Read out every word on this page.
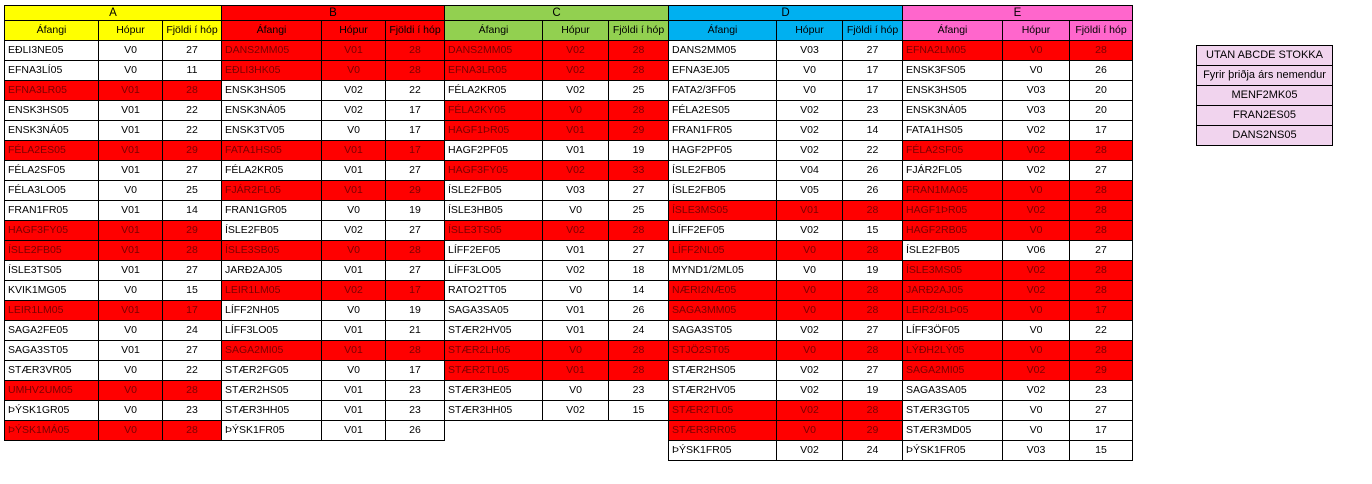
A		
Áfangi	Hópur	Fjöldi í hóp
EÐLI3NE05	V0	27
EFNA3LÍ05	V0	11
EFNA3LR05	V01	28
ENSK3HS05	V01	22
ENSK3NÁ05	V01	22
FÉLA2ES05	V01	29
FÉLA2SF05	V01	27
FÉLA3LO05	V0	25
FRAN1FR05	V01	14
HAGF3FY05	V01	29
ÍSLE2FB05	V01	28
ÍSLE3TS05	V01	27
KVIK1MG05	V0	15
LEIR1LM05	V01	17
SAGA2FE05	V0	24
SAGA3ST05	V01	27
STÆR3VR05	V0	22
UMHV2UM05	V0	28
ÞÝSK1GR05	V0	23
ÞÝSK1MÁ05	V0	28
B		
Áfangi	Hópur	Fjöldi í hóp
DANS2MM05	V01	28
EÐLI3HK05	V0	28
ENSK3HS05	V02	22
ENSK3NÁ05	V02	17
ENSK3TV05	V0	17
FATA1HS05	V01	17
FÉLA2KR05	V01	27
FJÁR2FL05	V01	29
FRAN1GR05	V0	19
ÍSLE2FB05	V02	27
ÍSLE3SB05	V0	28
JARÐ2AJ05	V01	27
LEIR1LM05	V02	17
LÍFF2NH05	V0	19
LÍFF3LO05	V01	21
SAGA2MI05	V01	28
STÆR2FG05	V0	17
STÆR2HS05	V01	23
STÆR3HH05	V01	23
ÞÝSK1FR05	V01	26
C		
Áfangi	Hópur	Fjöldi í hóp
DANS2MM05	V02	28
EFNA3LR05	V02	28
FÉLA2KR05	V02	25
FÉLA2KY05	V0	28
HAGF1ÞR05	V01	29
HAGF2PF05	V01	19
HAGF3FY05	V02	33
ÍSLE2FB05	V03	27
ÍSLE3HB05	V0	25
ÍSLE3TS05	V02	28
LÍFF2EF05	V01	27
LÍFF3LO05	V02	18
RATO2TT05	V0	14
SAGA3SA05	V01	26
STÆR2HV05	V01	24
STÆR2LH05	V0	28
STÆR2TL05	V01	28
STÆR3HE05	V0	23
STÆR3HH05	V02	15
D		
Áfangi	Hópur	Fjöldi í hóp
DANS2MM05	V03	27
EFNA3EJ05	V0	17
FATA2/3FF05	V0	17
FÉLA2ES05	V02	23
FRAN1FR05	V02	14
HAGF2PF05	V02	22
ÍSLE2FB05	V04	26
ÍSLE2FB05	V05	26
ÍSLE3MS05	V01	28
LÍFF2EF05	V02	15
LÍFF2NL05	V0	28
MYND1/2ML05	V0	19
NÆRI2NÆ05	V0	28
SAGA3MM05	V0	28
SAGA3ST05	V02	27
STJÖ2ST05	V0	28
STÆR2HS05	V02	27
STÆR2HV05	V02	19
STÆR2TL05	V02	28
STÆR3RR05	V0	29
ÞÝSK1FR05	V02	24
E		
Áfangi	Hópur	Fjöldi í hóp
EFNA2LM05	V0	28
ENSK3FS05	V0	26
ENSK3HS05	V03	20
ENSK3NÁ05	V03	20
FATA1HS05	V02	17
FÉLA2SF05	V02	28
FJÁR2FL05	V02	27
FRAN1MA05	V0	28
HAGF1ÞR05	V02	28
HAGF2RB05	V0	28
ÍSLE2FB05	V06	27
ÍSLE3MS05	V02	28
JARÐ2AJ05	V02	28
LEIR2/3LÞ05	V0	17
LÍFF3ÖF05	V0	22
LÝÐH2LÝ05	V0	28
SAGA2MI05	V02	29
SAGA3SA05	V02	23
STÆR3GT05	V0	27
STÆR3MD05	V0	17
ÞÝSK1FR05	V03	15
UTAN ABCDE STOKKA
Fyrir þriðja árs nemendur
MENF2MK05
FRAN2ES05
DANS2NS05
